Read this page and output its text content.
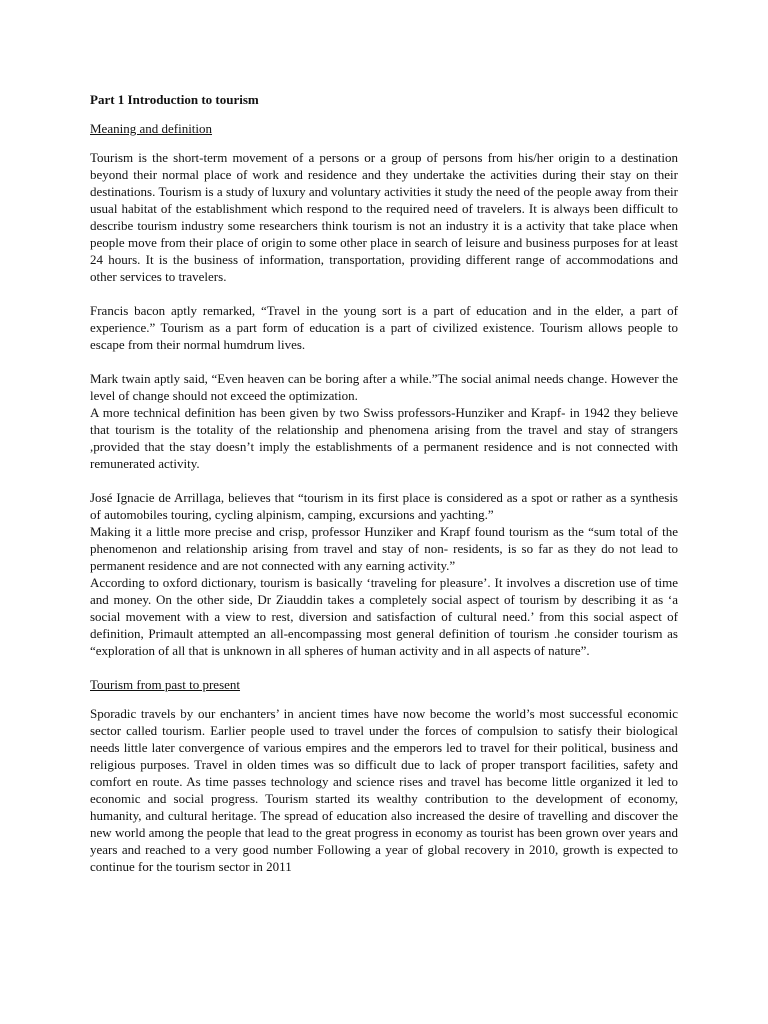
Part 1 Introduction to tourism
Meaning and definition

Tourism is the short-term movement of a persons or a group of persons from his/her origin to a destination beyond their normal place of work and residence and they undertake the activities during their stay on their destinations. Tourism is a study of luxury and voluntary activities it study the need of the people away from their usual habitat of the establishment which respond to the required need of travelers. It is always been difficult to describe tourism industry some researchers think tourism is not an industry it is a activity that take place when people move from their place of origin to some other place in search of leisure and business purposes for at least 24 hours. It is the business of information, transportation, providing different range of accommodations and other services to travelers.

Francis bacon aptly remarked, “Travel in the young sort is a part of education and in the elder, a part of experience.” Tourism as a part form of education is a part of civilized existence. Tourism allows people to escape from their normal humdrum lives.

Mark twain aptly said, “Even heaven can be boring after a while.”The social animal needs change. However the level of change should not exceed the optimization.

A more technical definition has been given by two Swiss professors-Hunziker and Krapf- in 1942 they believe that tourism is the totality of the relationship and phenomena arising from the travel and stay of strangers ,provided that the stay doesn’t imply the establishments of a permanent residence and is not connected with remunerated activity.

José Ignacie de Arrillaga, believes that “tourism in its first place is considered as a spot or rather as a synthesis of automobiles touring, cycling alpinism, camping, excursions and yachting.”

Making it a little more precise and crisp, professor Hunziker and Krapf found tourism as the “sum total of the phenomenon and relationship arising from travel and stay of non- residents, is so far as they do not lead to permanent residence and are not connected with any earning activity.”

According to oxford dictionary, tourism is basically ‘traveling for pleasure’. It involves a discretion use of time and money. On the other side, Dr Ziauddin takes a completely social aspect of tourism by describing it as ‘a social movement with a view to rest, diversion and satisfaction of cultural need.’ from this social aspect of definition, Primault attempted an all-encompassing most general definition of tourism .he consider tourism as “exploration of all that is unknown in all spheres of human activity and in all aspects of nature”.

Tourism from past to present

Sporadic travels by our enchanters’ in ancient times have now become the world’s most successful economic sector called tourism. Earlier people used to travel under the forces of compulsion to satisfy their biological needs little later convergence of various empires and the emperors led to travel for their political, business and religious purposes. Travel in olden times was so difficult due to lack of proper transport facilities, safety and comfort en route. As time passes technology and science rises and travel has become little organized it led to economic and social progress. Tourism started its wealthy contribution to the development of economy, humanity, and cultural heritage. The spread of education also increased the desire of travelling and discover the new world among the people that lead to the great progress in economy as tourist has been grown over years and years and reached to a very good number Following a year of global recovery in 2010, growth is expected to continue for the tourism sector in 2011
